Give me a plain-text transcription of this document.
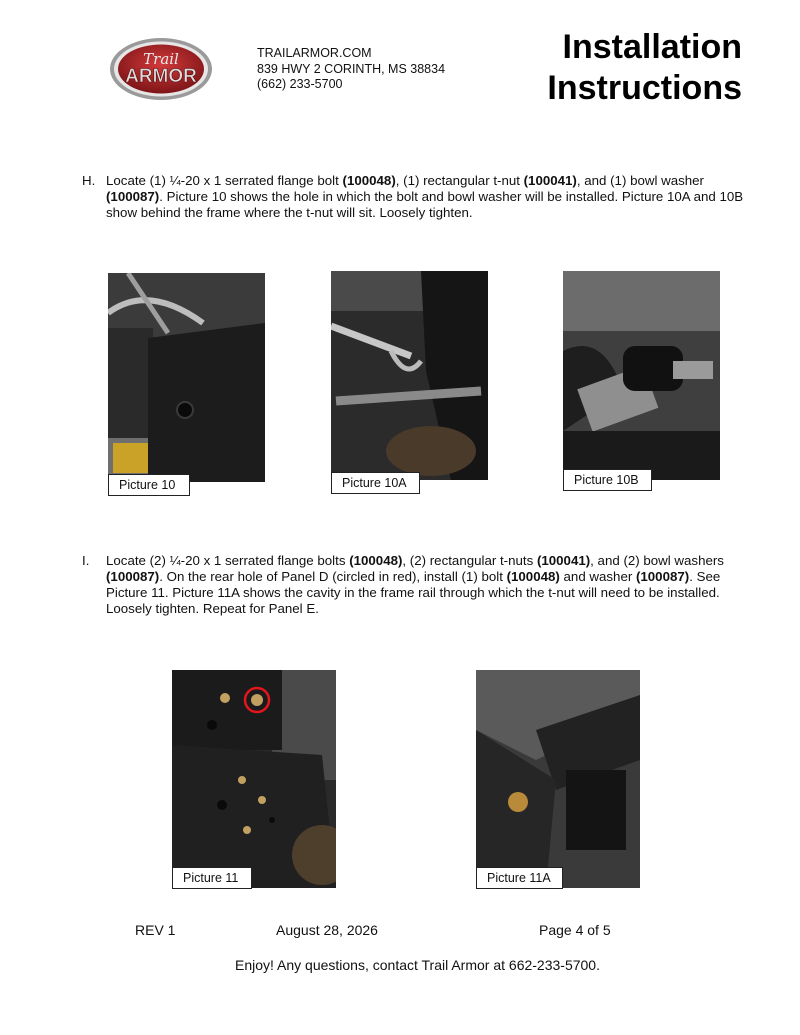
Trail
ARMOR
TRAILARMOR.COM
839 HWY 2 CORINTH, MS 38834
(662) 233-5700
Installation
Instructions
H. Locate (1) ¼-20 x 1 serrated flange bolt (100048), (1) rectangular t-nut (100041), and (1) bowl washer (100087). Picture 10 shows the hole in which the bolt and bowl washer will be installed. Picture 10A and 10B show behind the frame where the t-nut will sit. Loosely tighten.
Picture 10	Picture 10A	Picture 10B
I. Locate (2) ¼-20 x 1 serrated flange bolts (100048), (2) rectangular t-nuts (100041), and (2) bowl washers (100087). On the rear hole of Panel D (circled in red), install (1) bolt (100048) and washer (100087). See Picture 11. Picture 11A shows the cavity in the frame rail through which the t-nut will need to be installed. Loosely tighten. Repeat for Panel E.
Picture 11	Picture 11A
REV 1	August 28, 2026	Page 4 of 5
Enjoy! Any questions, contact Trail Armor at 662-233-5700.
